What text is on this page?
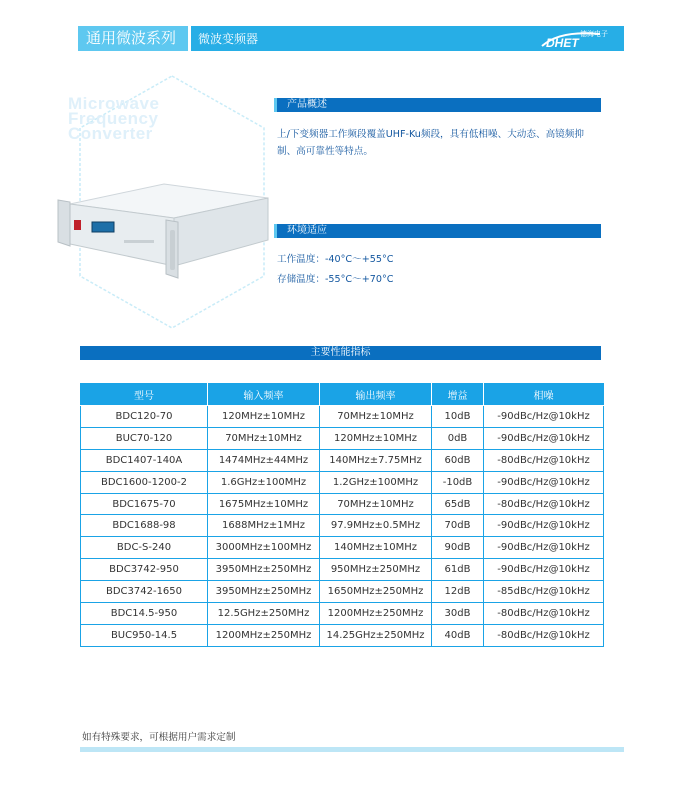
通用微波系列	微波变频器	德海电子
DHET
Microwave
Frequency
Converter
产品概述
上/下变频器工作频段覆盖UHF-Ku频段，具有低相噪、大动态、高镜频抑制、高可靠性等特点。
环境适应
工作温度：-40°C～+55°C
存储温度：-55°C～+70°C
主要性能指标
型号	输入频率	输出频率	增益	相噪
BDC120-70	120MHz±10MHz	70MHz±10MHz	10dB	-90dBc/Hz@10kHz
BUC70-120	70MHz±10MHz	120MHz±10MHz	0dB	-90dBc/Hz@10kHz
BDC1407-140A	1474MHz±44MHz	140MHz±7.75MHz	60dB	-80dBc/Hz@10kHz
BDC1600-1200-2	1.6GHz±100MHz	1.2GHz±100MHz	-10dB	-90dBc/Hz@10kHz
BDC1675-70	1675MHz±10MHz	70MHz±10MHz	65dB	-80dBc/Hz@10kHz
BDC1688-98	1688MHz±1MHz	97.9MHz±0.5MHz	70dB	-90dBc/Hz@10kHz
BDC-S-240	3000MHz±100MHz	140MHz±10MHz	90dB	-90dBc/Hz@10kHz
BDC3742-950	3950MHz±250MHz	950MHz±250MHz	61dB	-90dBc/Hz@10kHz
BDC3742-1650	3950MHz±250MHz	1650MHz±250MHz	12dB	-85dBc/Hz@10kHz
BDC14.5-950	12.5GHz±250MHz	1200MHz±250MHz	30dB	-80dBc/Hz@10kHz
BUC950-14.5	1200MHz±250MHz	14.25GHz±250MHz	40dB	-80dBc/Hz@10kHz
如有特殊要求，可根据用户需求定制
